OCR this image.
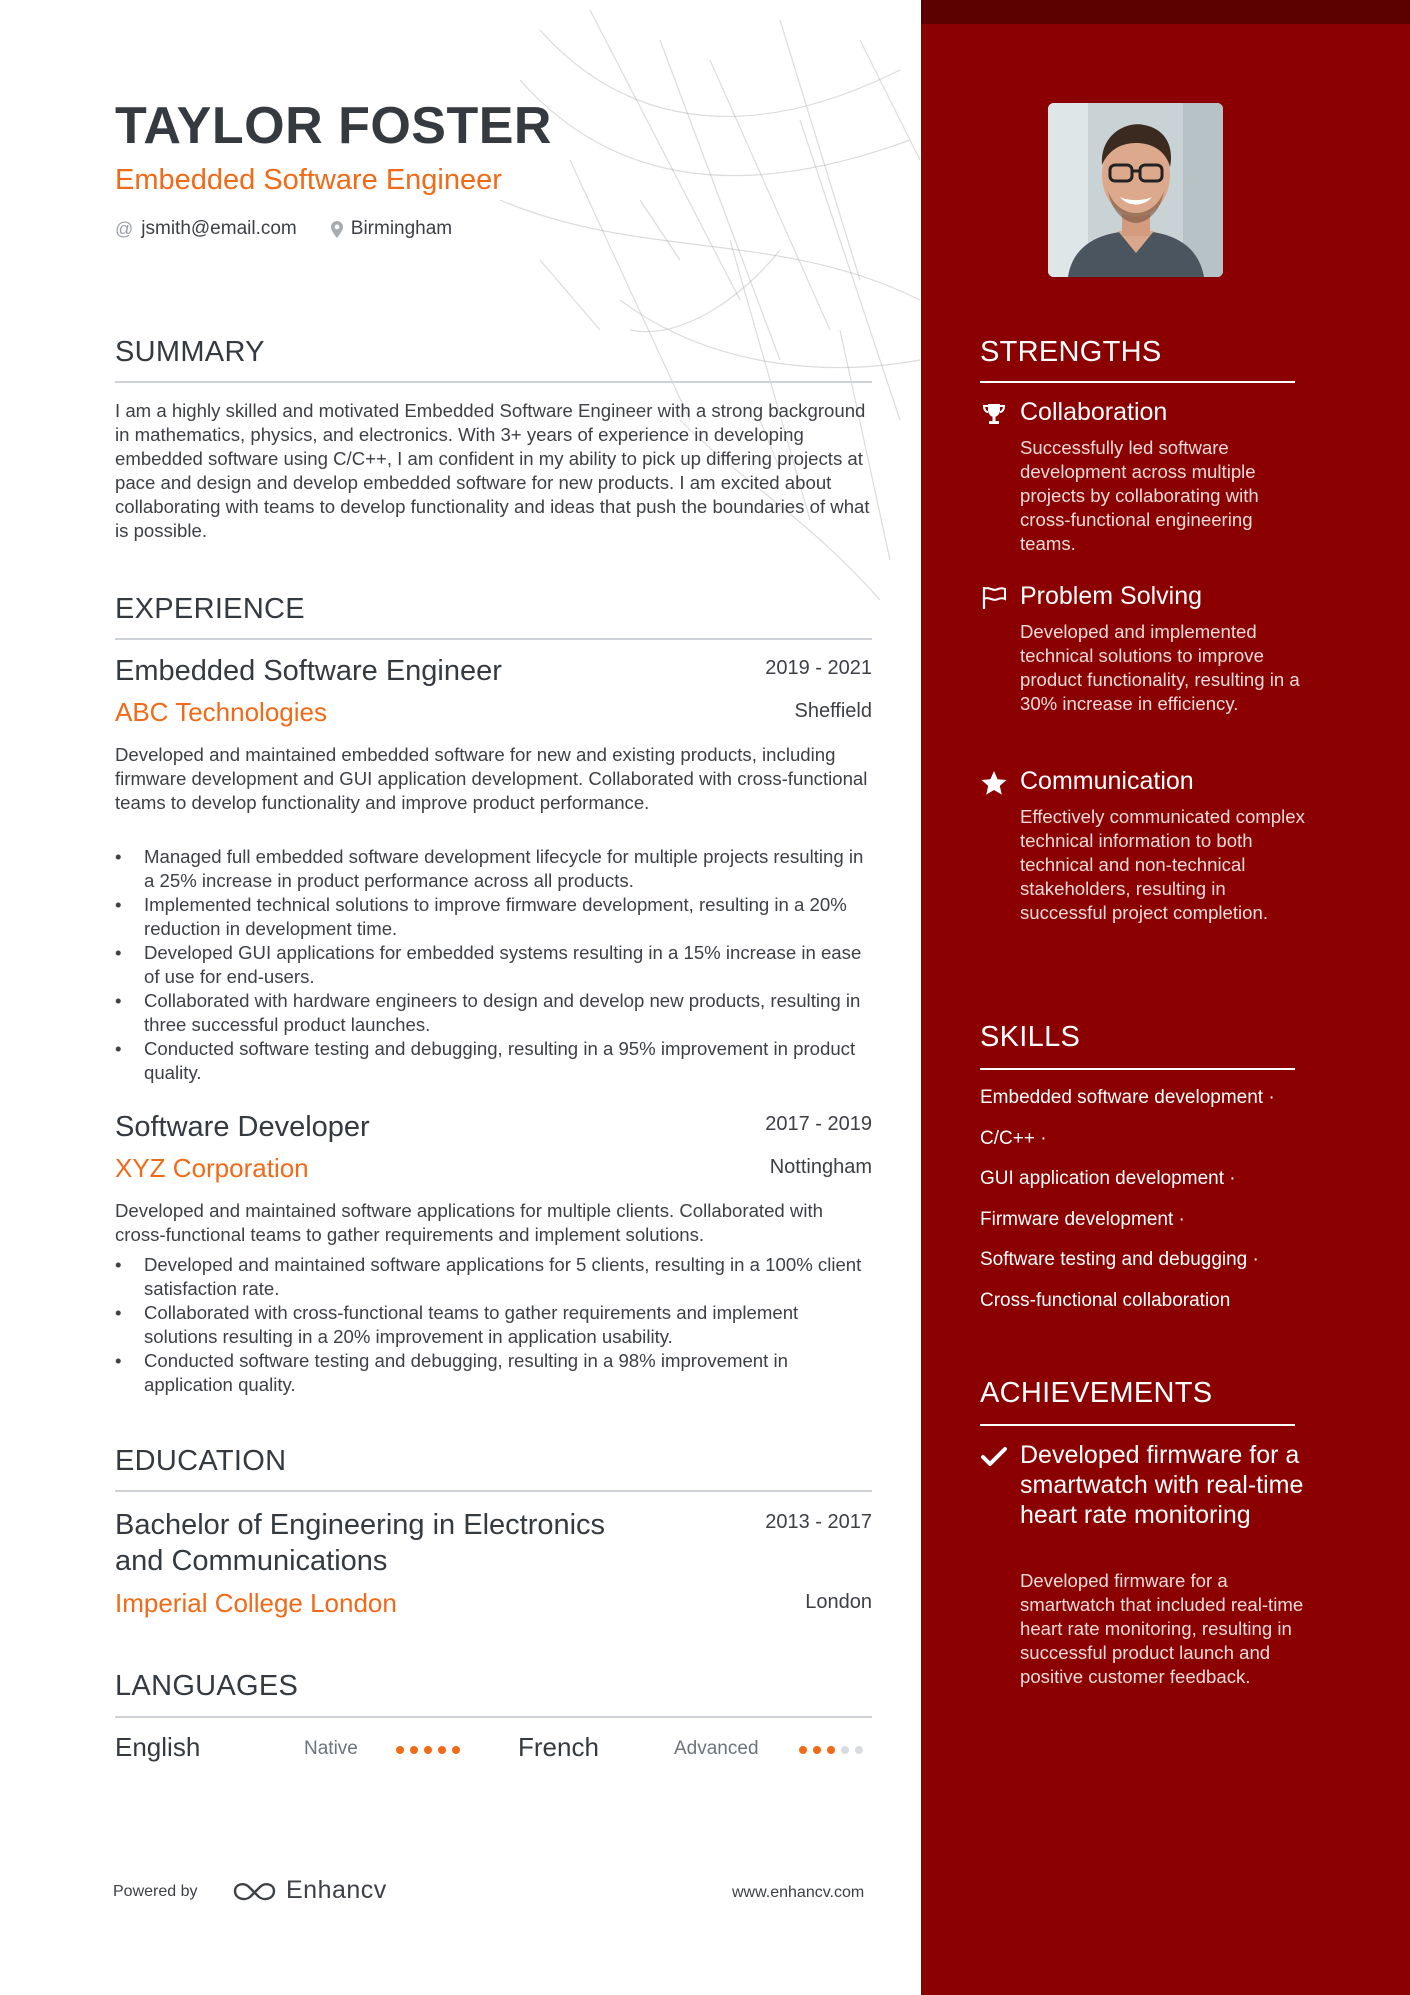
TAYLOR FOSTER
Embedded Software Engineer
@ jsmith@email.com	Birmingham
SUMMARY

I am a highly skilled and motivated Embedded Software Engineer with a strong background in mathematics, physics, and electronics. With 3+ years of experience in developing embedded software using C/C++, I am confident in my ability to pick up differing projects at pace and design and develop embedded software for new products. I am excited about collaborating with teams to develop functionality and ideas that push the boundaries of what is possible.

EXPERIENCE
Embedded Software Engineer	2019 - 2021
ABC Technologies	Sheffield

Developed and maintained embedded software for new and existing products, including firmware development and GUI application development. Collaborated with cross-functional teams to develop functionality and improve product performance.

• Managed full embedded software development lifecycle for multiple projects resulting in a 25% increase in product performance across all products.
• Implemented technical solutions to improve firmware development, resulting in a 20% reduction in development time.
• Developed GUI applications for embedded systems resulting in a 15% increase in ease of use for end-users.
• Collaborated with hardware engineers to design and develop new products, resulting in three successful product launches.
• Conducted software testing and debugging, resulting in a 95% improvement in product quality.
Software Developer	2017 - 2019
XYZ Corporation	Nottingham

Developed and maintained software applications for multiple clients. Collaborated with cross-functional teams to gather requirements and implement solutions.

• Developed and maintained software applications for 5 clients, resulting in a 100% client satisfaction rate.
• Collaborated with cross-functional teams to gather requirements and implement solutions resulting in a 20% improvement in application usability.
• Conducted software testing and debugging, resulting in a 98% improvement in application quality.
EDUCATION
Bachelor of Engineering in Electronics
and Communications
2013 - 2017
Imperial College London	London
LANGUAGES
English	Native	French	Advanced
Powered by	Enhancv	www.enhancv.com
STRENGTHS
Collaboration

Successfully led software development across multiple projects by collaborating with cross-functional engineering teams.

Problem Solving

Developed and implemented technical solutions to improve product functionality, resulting in a 30% increase in efficiency.

Communication

Effectively communicated complex technical information to both technical and non-technical stakeholders, resulting in successful project completion.

SKILLS
Embedded software development ·
C/C++ ·
GUI application development ·
Firmware development ·
Software testing and debugging ·
Cross-functional collaboration
ACHIEVEMENTS
Developed firmware for a smartwatch with real-time heart rate monitoring

Developed firmware for a smartwatch that included real-time heart rate monitoring, resulting in successful product launch and positive customer feedback.
